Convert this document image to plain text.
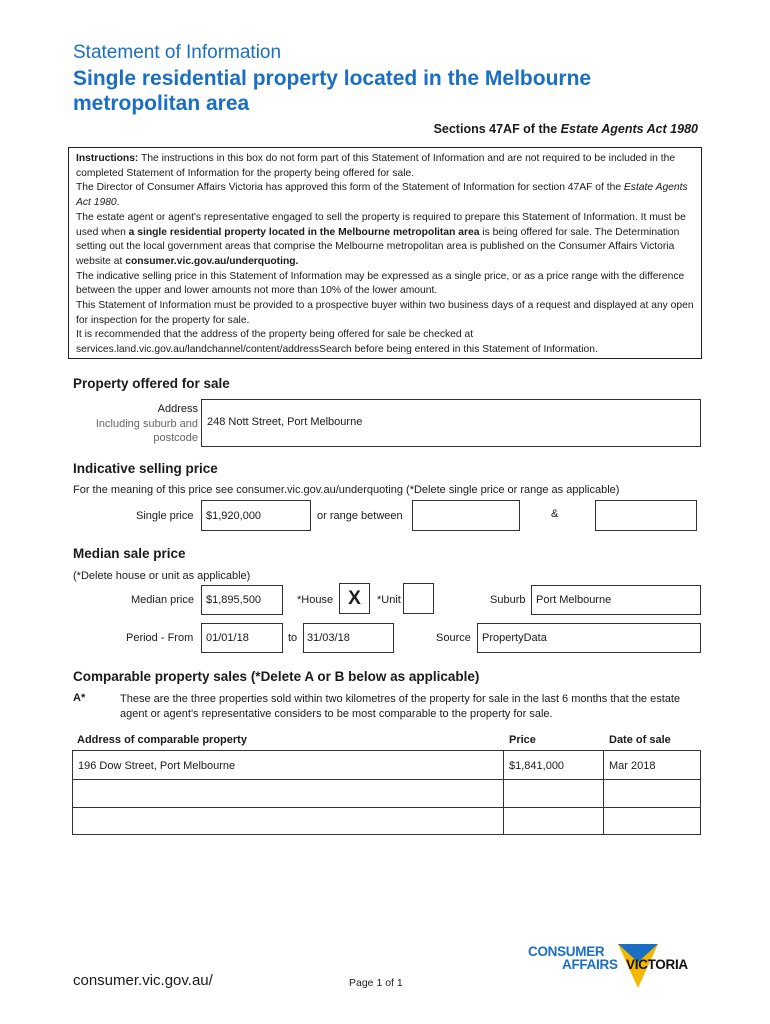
Statement of Information
Single residential property located in the Melbourne metropolitan area
Sections 47AF of the Estate Agents Act 1980

Instructions: The instructions in this box do not form part of this Statement of Information and are not required to be included in the completed Statement of Information for the property being offered for sale.

The Director of Consumer Affairs Victoria has approved this form of the Statement of Information for section 47AF of the Estate Agents Act 1980.

The estate agent or agent's representative engaged to sell the property is required to prepare this Statement of Information. It must be used when a single residential property located in the Melbourne metropolitan area is being offered for sale. The Determination setting out the local government areas that comprise the Melbourne metropolitan area is published on the Consumer Affairs Victoria website at consumer.vic.gov.au/underquoting.

The indicative selling price in this Statement of Information may be expressed as a single price, or as a price range with the difference between the upper and lower amounts not more than 10% of the lower amount.

This Statement of Information must be provided to a prospective buyer within two business days of a request and displayed at any open for inspection for the property for sale.

It is recommended that the address of the property being offered for sale be checked at services.land.vic.gov.au/landchannel/content/addressSearch before being entered in this Statement of Information.

Property offered for sale
Address
Including suburb and
postcode
248 Nott Street, Port Melbourne
Indicative selling price
For the meaning of this price see consumer.vic.gov.au/underquoting (*Delete single price or range as applicable)
Single price	$1,920,000	or range between	&
Median sale price
(*Delete house or unit as applicable)
Median price	$1,895,500	*House X	*Unit	Suburb Port Melbourne
Period - From	01/01/18	to 31/03/18	Source	PropertyData
Comparable property sales (*Delete A or B below as applicable)
A*	These are the three properties sold within two kilometres of the property for sale in the last 6 months that the estate agent or agent's representative considers to be most comparable to the property for sale.
Address of comparable property	Price	Date of sale
196 Dow Street, Port Melbourne	$1,841,000	Mar 2018
consumer.vic.gov.au/	Page 1 of 1
CONSUMER
AFFAIRS VICTORIA
